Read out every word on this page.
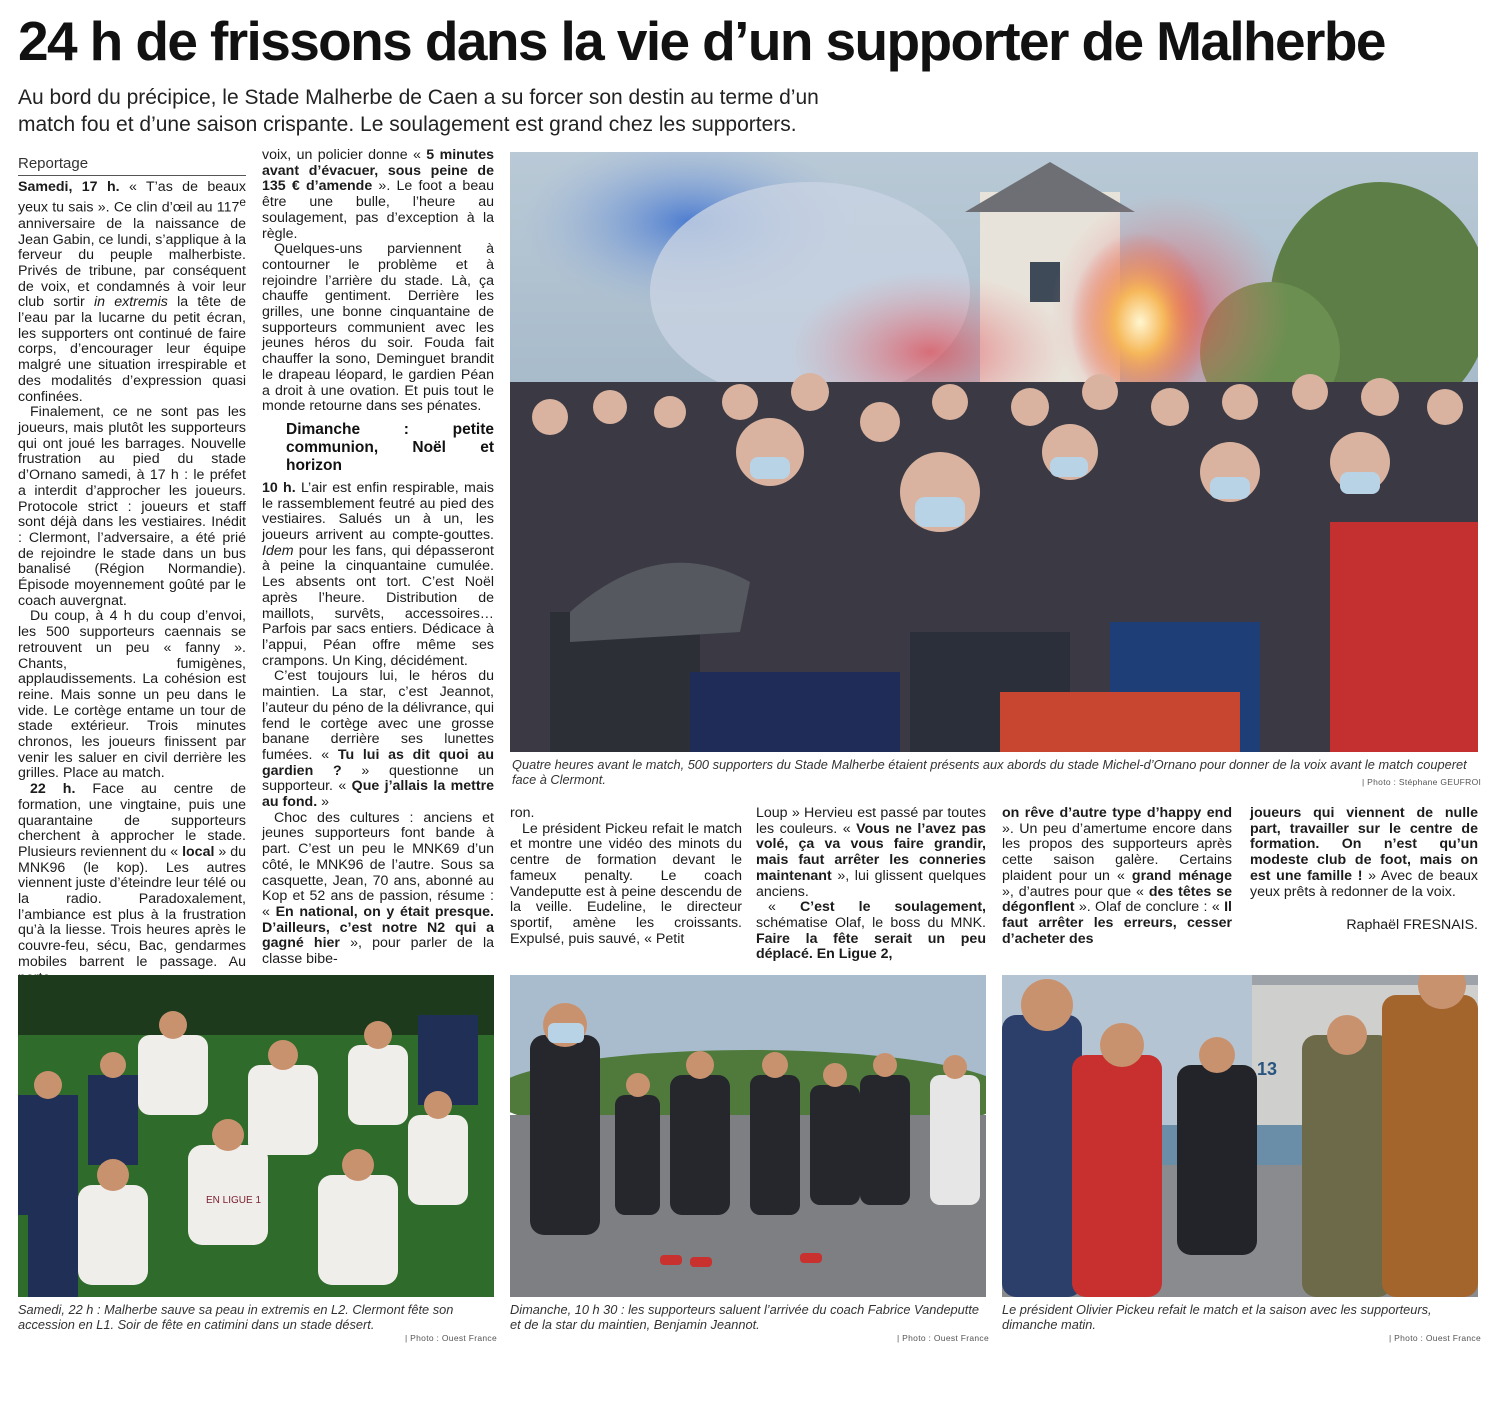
24 h de frissons dans la vie d’un supporter de Malherbe

Au bord du précipice, le Stade Malherbe de Caen a su forcer son destin au terme d’un match fou et d’une saison crispante. Le soulagement est grand chez les supporters.

Reportage

Samedi, 17 h. « T’as de beaux yeux tu sais ». Ce clin d’œil au 117e anniversaire de la naissance de Jean Gabin, ce lundi, s’applique à la ferveur du peuple malherbiste. Privés de tribune, par conséquent de voix, et condamnés à voir leur club sortir in extremis la tête de l’eau par la lucarne du petit écran, les supporters ont continué de faire corps, d’encourager leur équipe malgré une situation irrespirable et des modalités d’expression quasi confinées.

Finalement, ce ne sont pas les joueurs, mais plutôt les supporteurs qui ont joué les barrages. Nouvelle frustration au pied du stade d’Ornano samedi, à 17 h : le préfet a interdit d’approcher les joueurs. Protocole strict : joueurs et staff sont déjà dans les vestiaires. Inédit : Clermont, l’adversaire, a été prié de rejoindre le stade dans un bus banalisé (Région Normandie). Épisode moyennement goûté par le coach auvergnat.

Du coup, à 4 h du coup d’envoi, les 500 supporteurs caennais se retrouvent un peu « fanny ». Chants, fumigènes, applaudissements. La cohésion est reine. Mais sonne un peu dans le vide. Le cortège entame un tour de stade extérieur. Trois minutes chronos, les joueurs finissent par venir les saluer en civil derrière les grilles. Place au match.

22 h. Face au centre de formation, une vingtaine, puis une quarantaine de supporteurs cherchent à approcher le stade. Plusieurs reviennent du « local » du MNK96 (le kop). Les autres viennent juste d’éteindre leur télé ou la radio. Paradoxalement, l’ambiance est plus à la frustration qu’à la liesse. Trois heures après le couvre-feu, sécu, Bac, gendarmes mobiles barrent le passage. Au

voix, un policier donne « 5 minutes avant d’évacuer, sous peine de 135 € d’amende ». Le foot a beau être une bulle, l’heure au soulagement, pas d’exception à la règle.

Quelques-uns parviennent à contourner le problème et à rejoindre l’arrière du stade. Là, ça chauffe gentiment. Derrière les grilles, une bonne cinquantaine de supporteurs communient avec les jeunes héros du soir. Fouda fait chauffer la sono, Deminguet brandit le drapeau léopard, le gardien Péan a droit à une ovation. Et puis tout le monde retourne dans ses pénates.

Dimanche : petite communion, Noël et horizon

10 h. L’air est enfin respirable, mais le rassemblement feutré au pied des vestiaires. Salués un à un, les joueurs arrivent au compte-gouttes. Idem pour les fans, qui dépasseront à peine la cinquantaine cumulée. Les absents ont tort. C’est Noël après l’heure. Distribution de maillots, survêts, accessoires… Parfois par sacs entiers. Dédicace à l’appui, Péan offre même ses crampons. Un King, décidément.

C’est toujours lui, le héros du maintien. La star, c’est Jeannot, l’auteur du péno de la délivrance, qui fend le cortège avec une grosse banane derrière ses lunettes fumées. « Tu lui as dit quoi au gardien ? » questionne un supporteur. « Que j’allais la mettre au fond. »

Choc des cultures : anciens et jeunes supporteurs font bande à part. C’est un peu le MNK69 d’un côté, le MNK96 de l’autre. Sous sa casquette, Jean, 70 ans, abonné au Kop et 52 ans de passion, résume : « En national, on y était presque. D’ailleurs, c’est notre N2 qui a gagné hier », pour parler de la classe bibe-

Quatre heures avant le match, 500 supporters du Stade Malherbe étaient présents aux abords du stade Michel-d’Ornano pour donner de la voix avant le match couperet face à Clermont.	| Photo : Stéphane GEUFROI

ron.

Le président Pickeu refait le match et montre une vidéo des minots du centre de formation devant le fameux penalty. Le coach Vandeputte est à peine descendu de la veille. Eudeline, le directeur sportif, amène les croissants. Expulsé, puis sauvé, « Petit

Loup » Hervieu est passé par toutes les couleurs. « Vous ne l’avez pas volé, ça va vous faire grandir, mais faut arrêter les conneries maintenant », lui glissent quelques anciens.

« C’est le soulagement, schématise Olaf, le boss du MNK. Faire la fête serait un peu déplacé. En Ligue 2,

on rêve d’autre type d’happy end ». Un peu d’amertume encore dans les propos des supporteurs après cette saison galère. Certains plaident pour un « grand ménage », d’autres pour que « des têtes se dégonflent ». Olaf de conclure : « Il faut arrêter les erreurs, cesser d’acheter des

joueurs qui viennent de nulle part, travailler sur le centre de formation. On n’est qu’un modeste club de foot, mais on est une famille ! » Avec de beaux yeux prêts à redonner de la voix.

Raphaël FRESNAIS.

EN LIGUE 1
Samedi, 22 h : Malherbe sauve sa peau in extremis en L2. Clermont fête son accession en L1. Soir de fête en catimini dans un stade désert.
| Photo : Ouest France
Dimanche, 10 h 30 : les supporteurs saluent l’arrivée du coach Fabrice Vandeputte et de la star du maintien, Benjamin Jeannot.
| Photo : Ouest France
13
Le président Olivier Pickeu refait le match et la saison avec les supporteurs, dimanche matin.
| Photo : Ouest France
